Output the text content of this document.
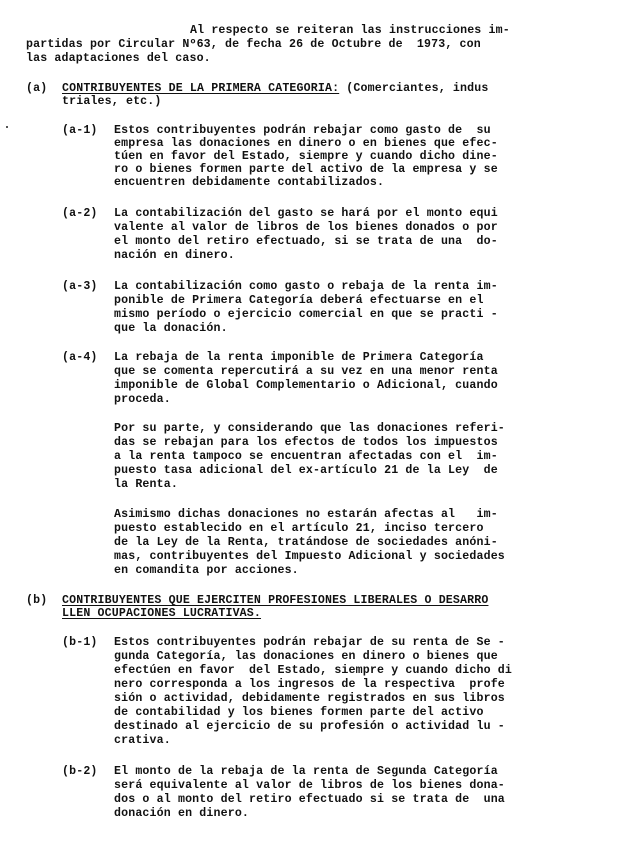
Al respecto se reiteran las instrucciones im-
partidas por Circular Nº63, de fecha 26 de Octubre de  1973, con
las adaptaciones del caso.
(a) CONTRIBUYENTES DE LA PRIMERA CATEGORIA: (Comerciantes, indus
triales, etc.)
(a-1) Estos contribuyentes podrán rebajar como gasto de  su
empresa las donaciones en dinero o en bienes que efec-
túen en favor del Estado, siempre y cuando dicho dine-
ro o bienes formen parte del activo de la empresa y se
encuentren debidamente contabilizados.
(a-2) La contabilización del gasto se hará por el monto equi
valente al valor de libros de los bienes donados o por
el monto del retiro efectuado, si se trata de una  do-
nación en dinero.
(a-3) La contabilización como gasto o rebaja de la renta im-
ponible de Primera Categoría deberá efectuarse en el
mismo período o ejercicio comercial en que se practi -
que la donación.
(a-4) La rebaja de la renta imponible de Primera Categoría
que se comenta repercutirá a su vez en una menor renta
imponible de Global Complementario o Adicional, cuando
proceda.
Por su parte, y considerando que las donaciones referi-
das se rebajan para los efectos de todos los impuestos
a la renta tampoco se encuentran afectadas con el  im-
puesto tasa adicional del ex-artículo 21 de la Ley  de
la Renta.
Asimismo dichas donaciones no estarán afectas al   im-
puesto establecido en el artículo 21, inciso tercero
de la Ley de la Renta, tratándose de sociedades anóni-
mas, contribuyentes del Impuesto Adicional y sociedades
en comandita por acciones.
(b) CONTRIBUYENTES QUE EJERCITEN PROFESIONES LIBERALES O DESARRO
LLEN OCUPACIONES LUCRATIVAS.
(b-1) Estos contribuyentes podrán rebajar de su renta de Se -
gunda Categoría, las donaciones en dinero o bienes que
efectúen en favor  del Estado, siempre y cuando dicho di
nero corresponda a los ingresos de la respectiva  profe
sión o actividad, debidamente registrados en sus libros
de contabilidad y los bienes formen parte del activo
destinado al ejercicio de su profesión o actividad lu -
crativa.
(b-2) El monto de la rebaja de la renta de Segunda Categoría
será equivalente al valor de libros de los bienes dona-
dos o al monto del retiro efectuado si se trata de  una
donación en dinero.
